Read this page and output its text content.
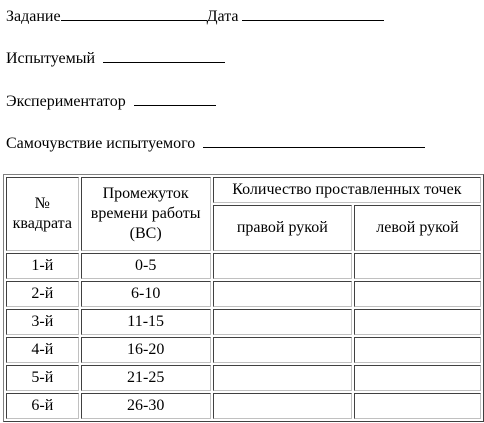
Задание	Дата
Испытуемый
Экспериментатор
Самочувствие испытуемого
№ квадрата	Промежуток времени работы (ВС)	Количество проставленных точек	
		правой рукой	левой рукой
1-й	0-5		
2-й	6-10		
3-й	11-15		
4-й	16-20		
5-й	21-25		
6-й	26-30		
